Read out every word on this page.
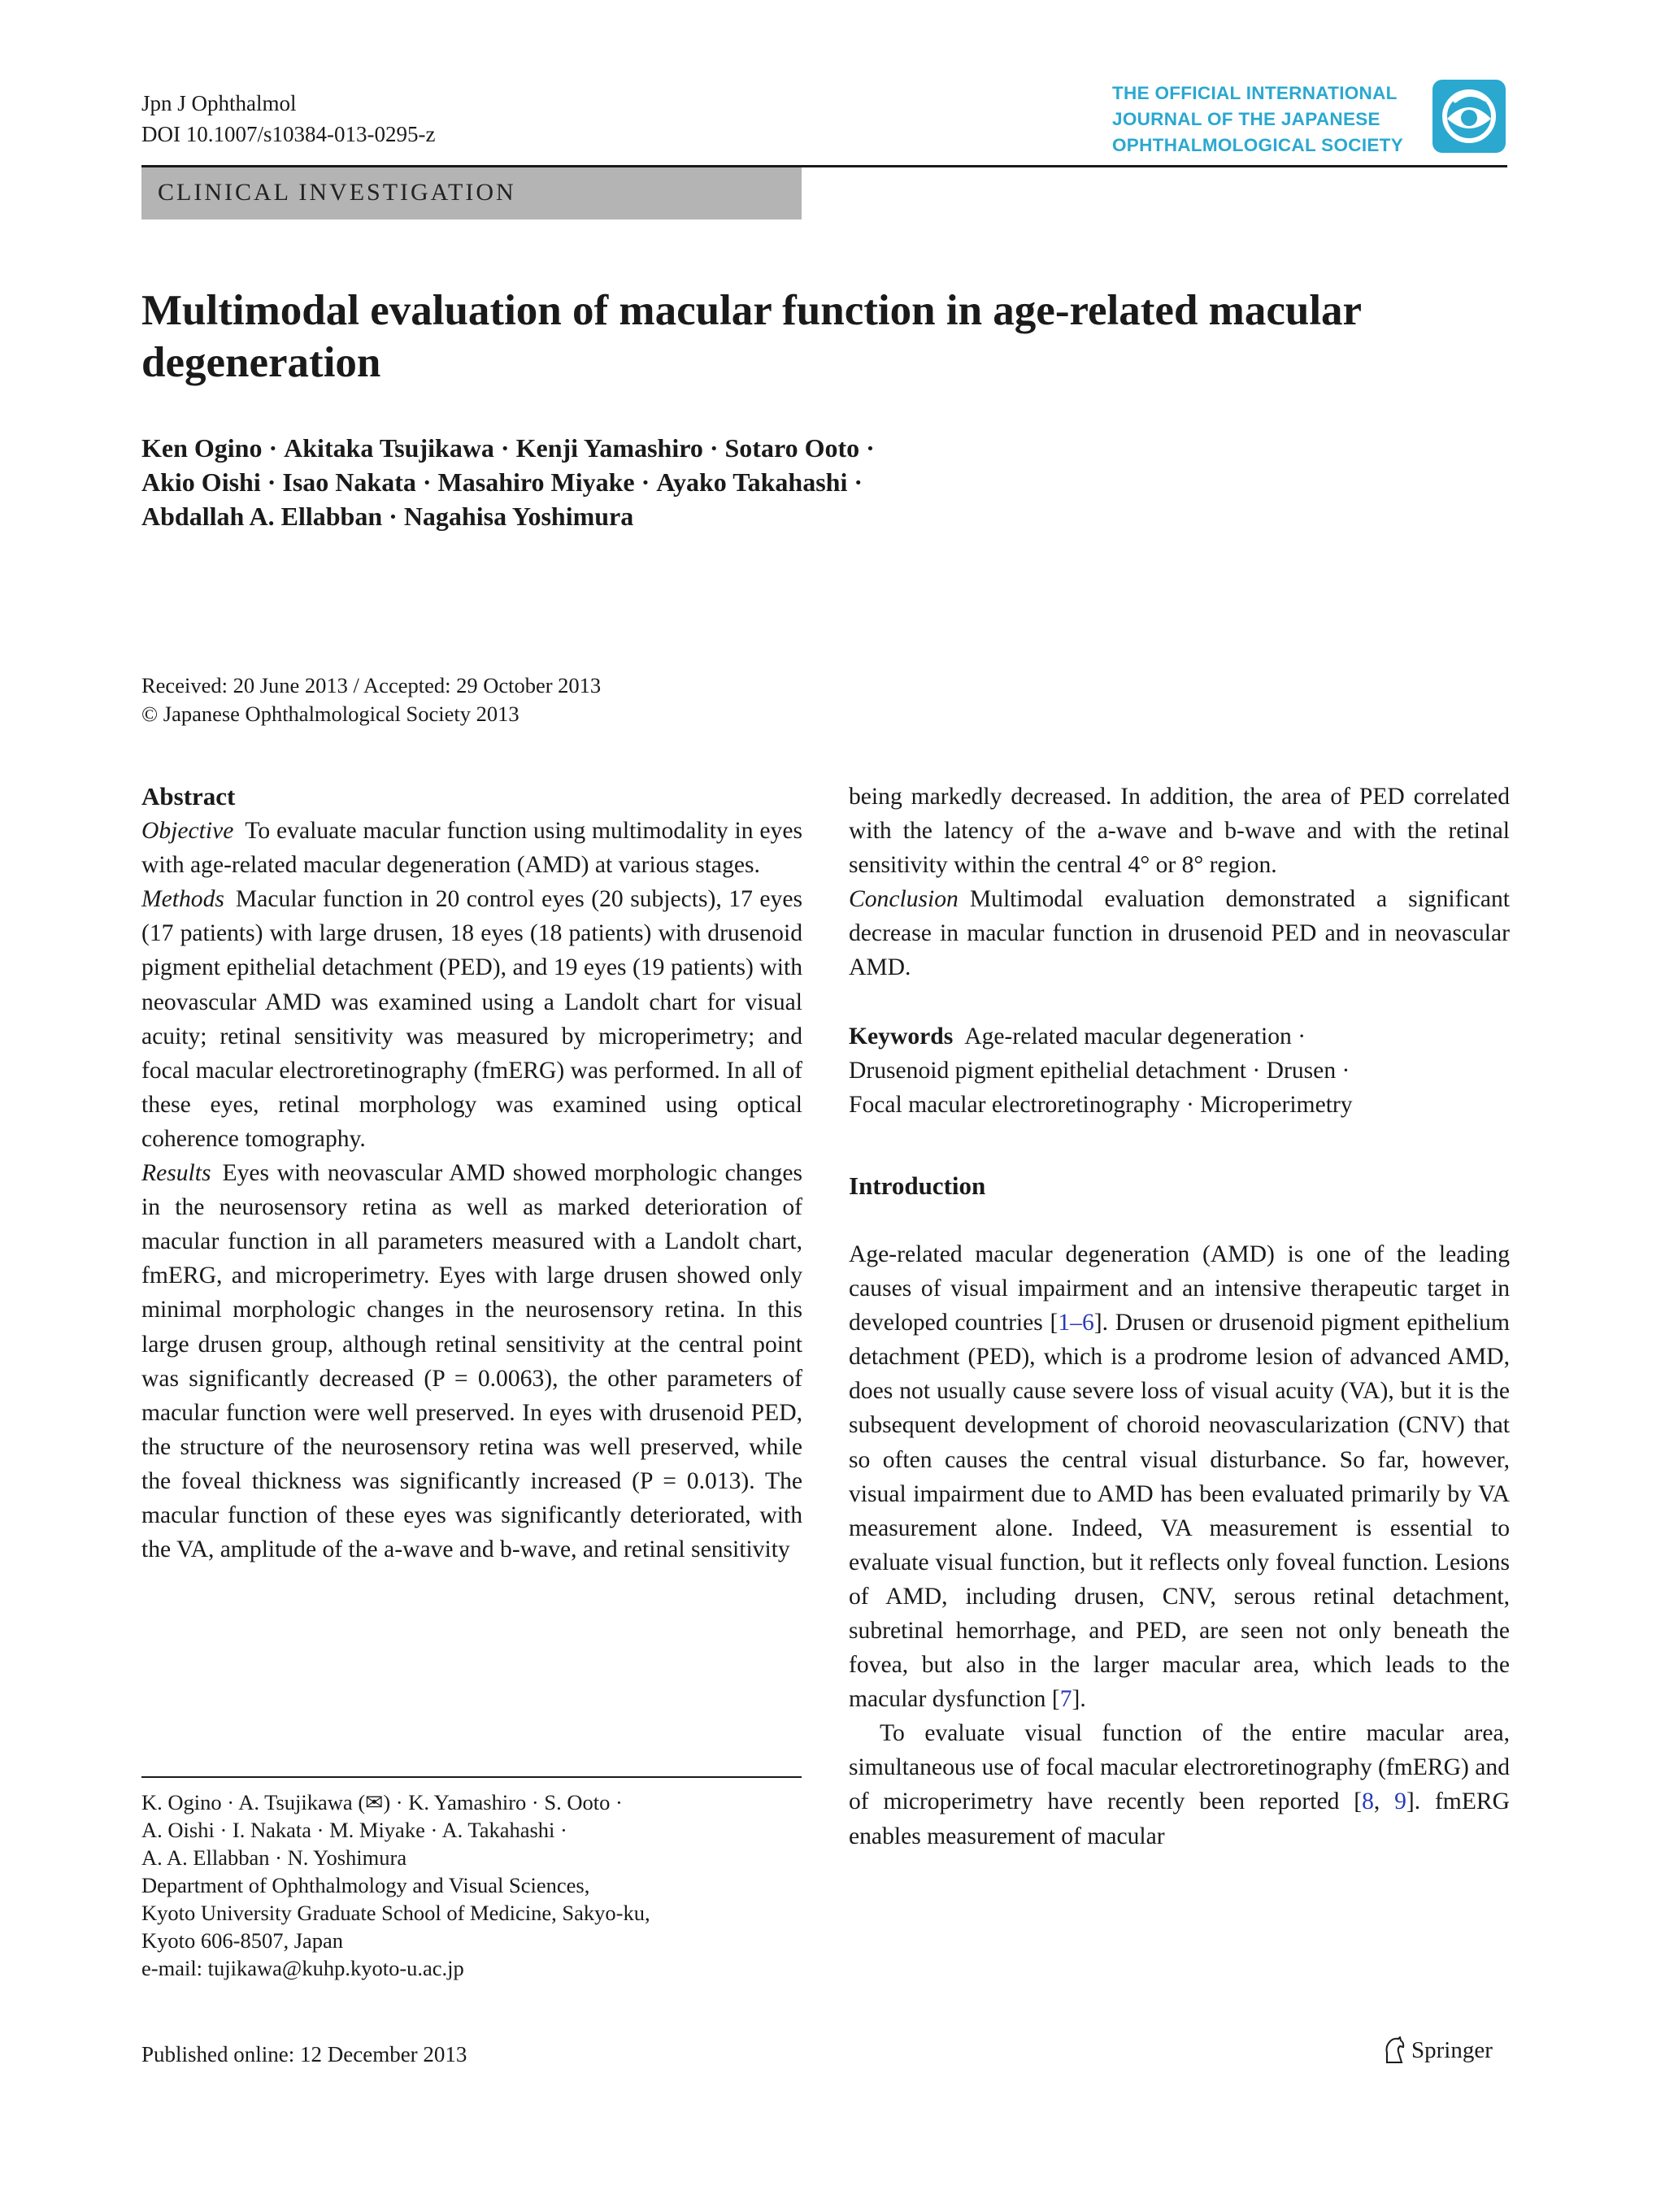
Jpn J Ophthalmol
DOI 10.1007/s10384-013-0295-z
THE OFFICIAL INTERNATIONAL
JOURNAL OF THE JAPANESE
OPHTHALMOLOGICAL SOCIETY
CLINICAL INVESTIGATION
Multimodal evaluation of macular function in age-related macular
degeneration
Ken Ogino · Akitaka Tsujikawa · Kenji Yamashiro · Sotaro Ooto ·
Akio Oishi · Isao Nakata · Masahiro Miyake · Ayako Takahashi ·
Abdallah A. Ellabban · Nagahisa Yoshimura
Received: 20 June 2013 / Accepted: 29 October 2013
© Japanese Ophthalmological Society 2013

Abstract

Objective To evaluate macular function using multimodality in eyes with age-related macular degeneration (AMD) at various stages.

Methods Macular function in 20 control eyes (20 subjects), 17 eyes (17 patients) with large drusen, 18 eyes (18 patients) with drusenoid pigment epithelial detachment (PED), and 19 eyes (19 patients) with neovascular AMD was examined using a Landolt chart for visual acuity; retinal sensitivity was measured by microperimetry; and focal macular electroretinography (fmERG) was performed. In all of these eyes, retinal morphology was examined using optical coherence tomography.

Results Eyes with neovascular AMD showed morphologic changes in the neurosensory retina as well as marked deterioration of macular function in all parameters measured with a Landolt chart, fmERG, and microperimetry. Eyes with large drusen showed only minimal morphologic changes in the neurosensory retina. In this large drusen group, although retinal sensitivity at the central point was significantly decreased (P = 0.0063), the other parameters of macular function were well preserved. In eyes with drusenoid PED, the structure of the neurosensory retina was well preserved, while the foveal thickness was significantly increased (P = 0.013). The macular function of these eyes was significantly deteriorated, with the VA, amplitude of the a-wave and b-wave, and retinal sensitivity

being markedly decreased. In addition, the area of PED correlated with the latency of the a-wave and b-wave and with the retinal sensitivity within the central 4° or 8° region.

Conclusion Multimodal evaluation demonstrated a significant decrease in macular function in drusenoid PED and in neovascular AMD.

Keywords Age-related macular degeneration ·
Drusenoid pigment epithelial detachment · Drusen ·
Focal macular electroretinography · Microperimetry

Introduction

Age-related macular degeneration (AMD) is one of the leading causes of visual impairment and an intensive therapeutic target in developed countries [1–6]. Drusen or drusenoid pigment epithelium detachment (PED), which is a prodrome lesion of advanced AMD, does not usually cause severe loss of visual acuity (VA), but it is the subsequent development of choroid neovascularization (CNV) that so often causes the central visual disturbance. So far, however, visual impairment due to AMD has been evaluated primarily by VA measurement alone. Indeed, VA measurement is essential to evaluate visual function, but it reflects only foveal function. Lesions of AMD, including drusen, CNV, serous retinal detachment, subretinal hemorrhage, and PED, are seen not only beneath the fovea, but also in the larger macular area, which leads to the macular dysfunction [7].

To evaluate visual function of the entire macular area, simultaneous use of focal macular electroretinography (fmERG) and of microperimetry have recently been reported [8, 9]. fmERG enables measurement of macular

K. Ogino · A. Tsujikawa (✉) · K. Yamashiro · S. Ooto ·
A. Oishi · I. Nakata · M. Miyake · A. Takahashi ·
A. A. Ellabban · N. Yoshimura
Department of Ophthalmology and Visual Sciences,
Kyoto University Graduate School of Medicine, Sakyo-ku,
Kyoto 606-8507, Japan
e-mail: tujikawa@kuhp.kyoto-u.ac.jp
Published online: 12 December 2013	Springer
